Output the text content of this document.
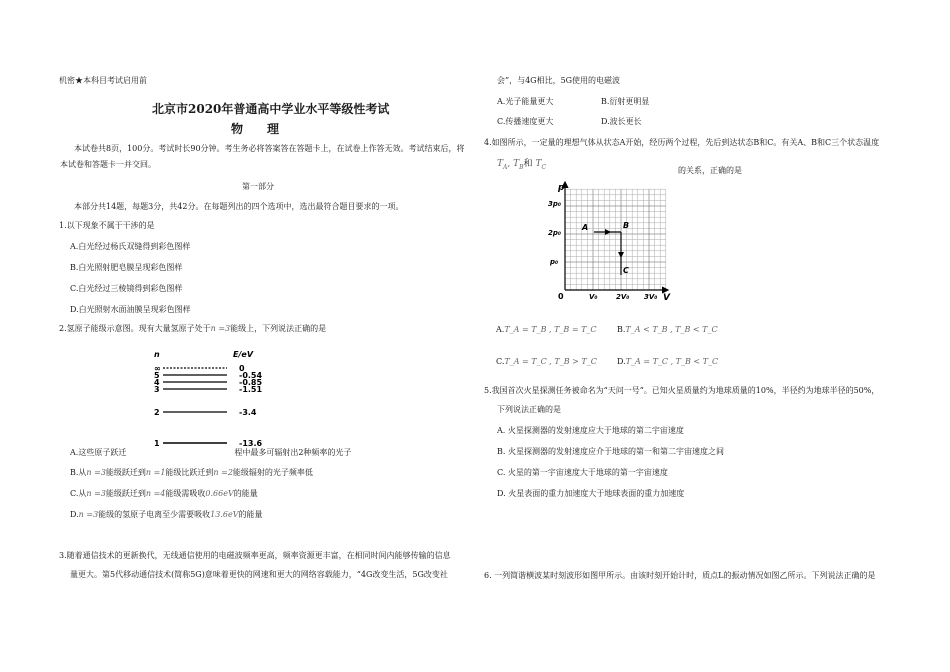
机密★本科目考试启用前
北京市2020年普通高中学业水平等级性考试
物　　理
本试卷共8页，100分。考试时长90分钟。考生务必将答案答在答题卡上，在试卷上作答无效。考试结束后，将
本试卷和答题卡一并交回。
第一部分
本部分共14题，每题3分，共42分。在每题列出的四个选项中，选出最符合题目要求的一项。
1.以下现象不属于干涉的是
A.白光经过杨氏双缝得到彩色图样
B.白光照射肥皂膜呈现彩色图样
C.白光经过三棱镜得到彩色图样
D.白光照射水面油膜呈现彩色图样
2.氢原子能级示意图。现有大量氢原子处于n =3能级上，下列说法正确的是
n	E/eV
∞	0
5	-0.54
4	-0.85
3	-1.51
2	-3.4
1	-13.6
A.这些原子跃迁	程中最多可辐射出2种频率的光子
B.从n =3能级跃迁到n =1能级比跃迁到n =2能级辐射的光子频率低
C.从n =3能级跃迁到n =4能级需吸收0.66eV的能量
D.n =3能级的氢原子电离至少需要吸收13.6eV的能量
3.随着通信技术的更新换代，无线通信使用的电磁波频率更高，频率资源更丰富，在相同时间内能够传输的信息
量更大。第5代移动通信技术(简称5G)意味着更快的网速和更大的网络容载能力，“4G改变生活，5G改变社
会”，与4G相比，5G使用的电磁波
A.光子能量更大	B.衍射更明显
C.传播速度更大	D.波长更长
4.如图所示，一定量的理想气体从状态A开始，经历两个过程，先后到达状态B和C。有关A、B和C三个状态温度
$T_A$, $T_B$和 $T_C$	的关系，正确的是
p
V
0
p₀
2p₀
3p₀
V₀	2V₀ 3V₀
A	B
C
A.T_A = T_B , T_B = T_C	B.T_A < T_B , T_B < T_C
C.T_A = T_C , T_B > T_C	D.T_A = T_C , T_B < T_C
5.我国首次火星探测任务被命名为“天问一号”。已知火星质量约为地球质量的10%，半径约为地球半径的50%，
下列说法正确的是
A. 火星探测器的发射速度应大于地球的第二宇宙速度
B. 火星探测器的发射速度应介于地球的第一和第二宇宙速度之间
C. 火星的第一宇宙速度大于地球的第一宇宙速度
D. 火星表面的重力加速度大于地球表面的重力加速度
6. 一列简谐横波某时刻波形如图甲所示。由该时刻开始计时，质点L的振动情况如图乙所示。下列说法正确的是
